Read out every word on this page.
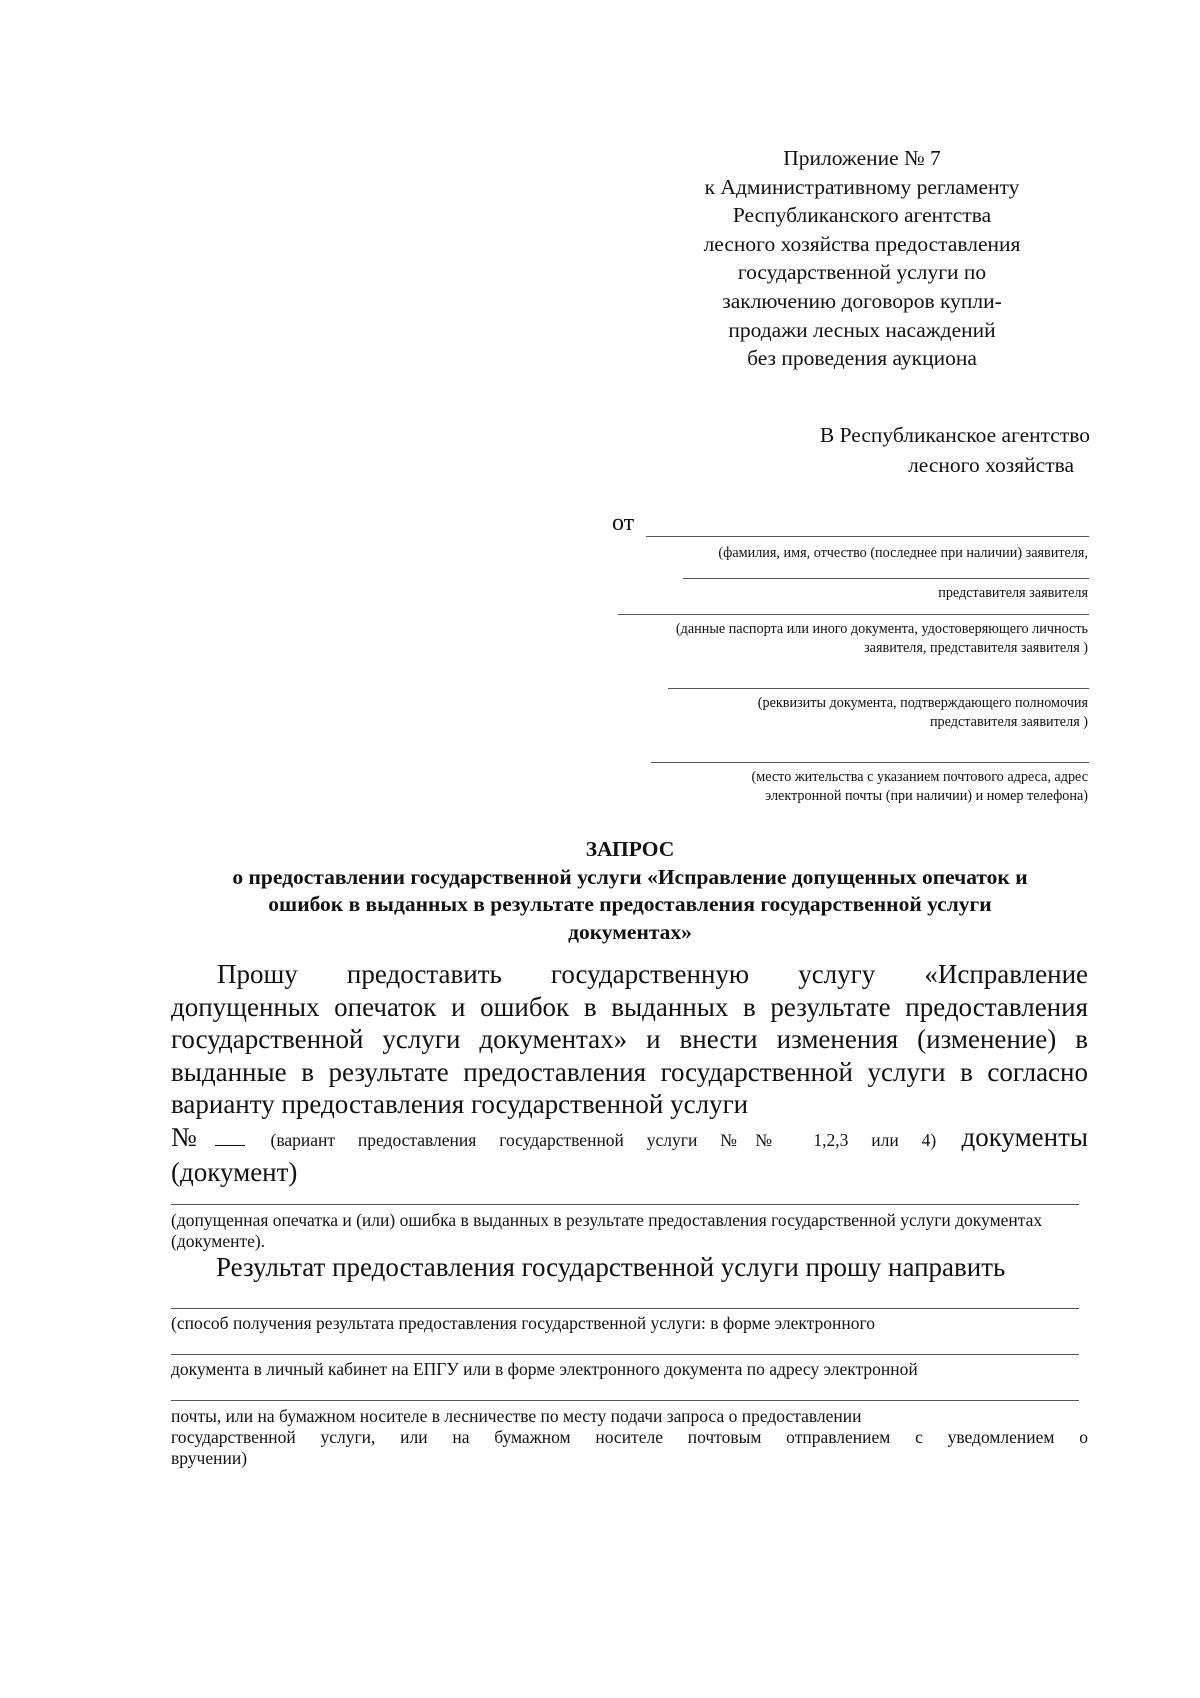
Приложение № 7
к Административному регламенту
Республиканского агентства
лесного хозяйства предоставления
государственной услуги по
заключению договоров купли-
продажи лесных насаждений
без проведения аукциона
В Республиканское агентство
лесного хозяйства
от
(фамилия, имя, отчество (последнее при наличии) заявителя,
представителя заявителя
(данные паспорта или иного документа, удостоверяющего личность
заявителя, представителя заявителя )
(реквизиты документа, подтверждающего полномочия
представителя заявителя )
(место жительства с указанием почтового адреса, адрес
электронной почты (при наличии) и номер телефона)
ЗАПРОС
о предоставлении государственной услуги «Исправление допущенных опечаток и
ошибок в выданных в результате предоставления государственной услуги
документах»
Прошу предоставить государственную услугу «Исправление
допущенных опечаток и ошибок в выданных в результате предоставления
государственной услуги документах» и внести изменения (изменение) в
выданные в результате предоставления государственной услуги в согласно
варианту предоставления государственной услуги
№	(вариант предоставления государственной услуги №№ 1,2,3 или 4) документы
(документ)
(допущенная опечатка и (или) ошибка в выданных в результате предоставления государственной услуги документах (документе).
Результат предоставления государственной услуги прошу направить
(способ получения результата предоставления государственной услуги: в форме электронного
документа в личный кабинет на ЕПГУ или в форме электронного документа по адресу электронной
почты, или на бумажном носителе в лесничестве по месту подачи запроса о предоставлении
государственной услуги, или на бумажном носителе почтовым отправлением с уведомлением о
вручении)
